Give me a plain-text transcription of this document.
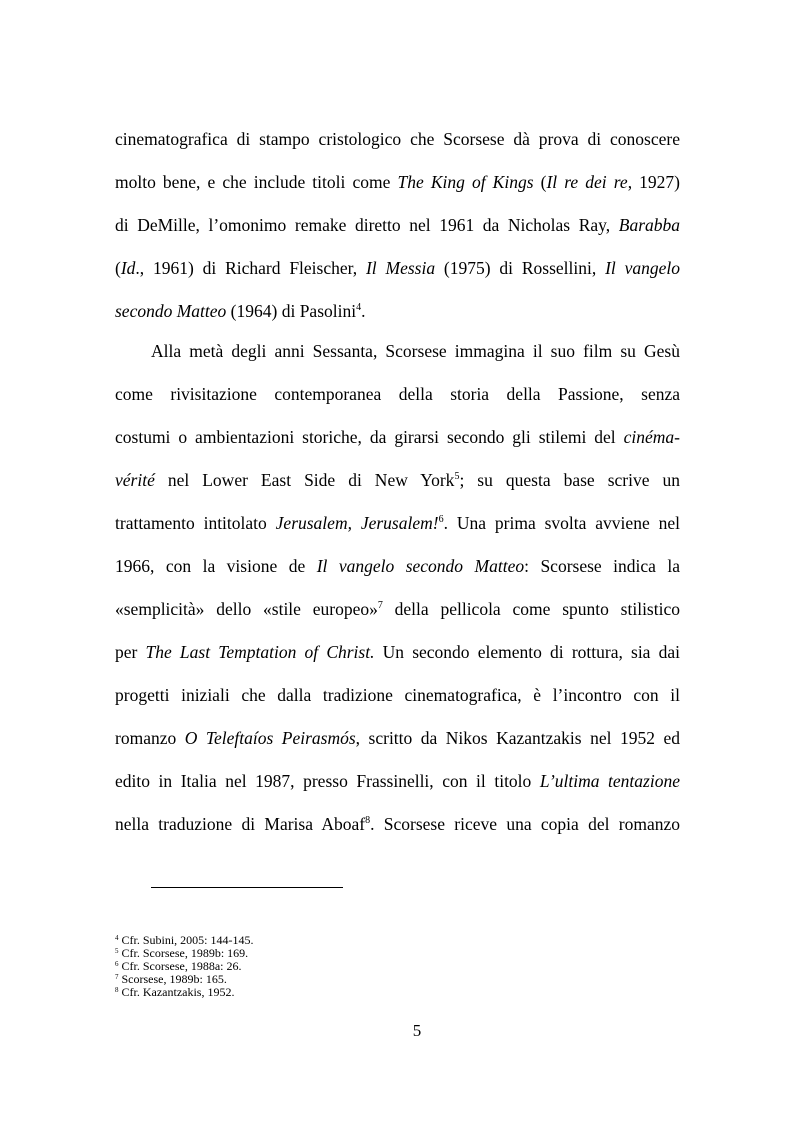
cinematografica di stampo cristologico che Scorsese dà prova di conoscere
molto bene, e che include titoli come The King of Kings (Il re dei re, 1927)
di DeMille, l’omonimo remake diretto nel 1961 da Nicholas Ray, Barabba
(Id., 1961) di Richard Fleischer, Il Messia (1975) di Rossellini, Il vangelo
secondo Matteo (1964) di Pasolini$^4$.
Alla metà degli anni Sessanta, Scorsese immagina il suo film su Gesù
come rivisitazione contemporanea della storia della Passione, senza
costumi o ambientazioni storiche, da girarsi secondo gli stilemi del cinéma-
vérité nel Lower East Side di New York$^5$; su questa base scrive un
trattamento intitolato Jerusalem, Jerusalem!$^6$. Una prima svolta avviene nel
1966, con la visione de Il vangelo secondo Matteo: Scorsese indica la
«semplicità» dello «stile europeo»$^7$ della pellicola come spunto stilistico
per The Last Temptation of Christ. Un secondo elemento di rottura, sia dai
progetti iniziali che dalla tradizione cinematografica, è l’incontro con il
romanzo O Teleftaíos Peirasmós, scritto da Nikos Kazantzakis nel 1952 ed
edito in Italia nel 1987, presso Frassinelli, con il titolo L’ultima tentazione
nella traduzione di Marisa Aboaf$^8$. Scorsese riceve una copia del romanzo
$^4$ Cfr. Subini, 2005: 144-145.
$^5$ Cfr. Scorsese, 1989b: 169.
$^6$ Cfr. Scorsese, 1988a: 26.
$^7$ Scorsese, 1989b: 165.
$^8$ Cfr. Kazantzakis, 1952.
5
